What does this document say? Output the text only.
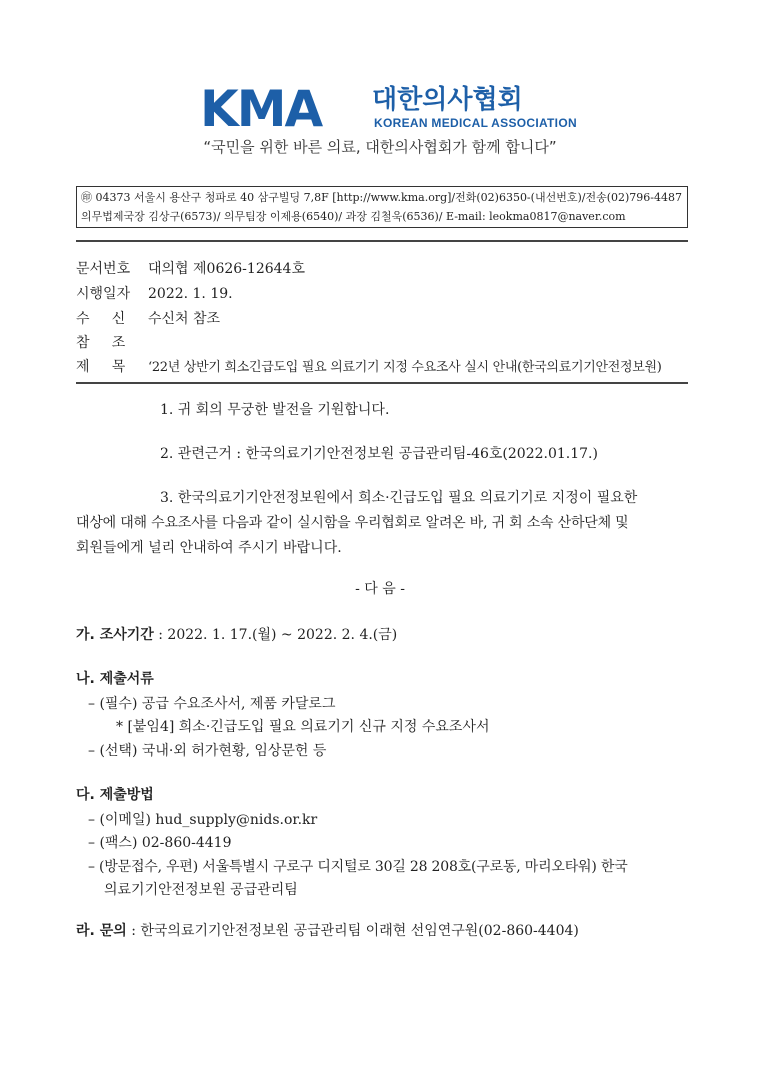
KMA 대한의사협회
KOREAN MEDICAL ASSOCIATION
“국민을 위한 바른 의료, 대한의사협회가 함께 합니다”
㊞ 04373 서울시 용산구 청파로 40 삼구빌딩 7,8F [http://www.kma.org]/전화(02)6350-(내선번호)/전송(02)796-4487
의무법제국장 김상구(6573)/ 의무팀장 이제용(6540)/ 과장 김철욱(6536)/ E-mail: leokma0817@naver.com
문서번호 대의협 제0626-12644호
시행일자 2022. 1. 19.
수     신 수신처 참조
참     조
제     목 ‘22년 상반기 희소긴급도입 필요 의료기기 지정 수요조사 실시 안내(한국의료기기안전정보원)
1. 귀 회의 무궁한 발전을 기원합니다.
2. 관련근거 : 한국의료기기안전정보원 공급관리팀-46호(2022.01.17.)
3. 한국의료기기안전정보원에서 희소·긴급도입 필요 의료기기로 지정이 필요한
대상에 대해 수요조사를 다음과 같이 실시함을 우리협회로 알려온 바, 귀 회 소속 산하단체 및
회원들에게 널리 안내하여 주시기 바랍니다.
- 다 음 -
가. 조사기간 : 2022. 1. 17.(월) ~ 2022. 2. 4.(금)
나. 제출서류
– (필수) 공급 수요조사서, 제품 카달로그
* [붙임4] 희소·긴급도입 필요 의료기기 신규 지정 수요조사서
– (선택) 국내·외 허가현황, 임상문헌 등
다. 제출방법
– (이메일) hud_supply@nids.or.kr
– (팩스) 02-860-4419
– (방문접수, 우편) 서울특별시 구로구 디지털로 30길 28 208호(구로동, 마리오타워) 한국
의료기기안전정보원 공급관리팀
라. 문의 : 한국의료기기안전정보원 공급관리팀 이래현 선임연구원(02-860-4404)
